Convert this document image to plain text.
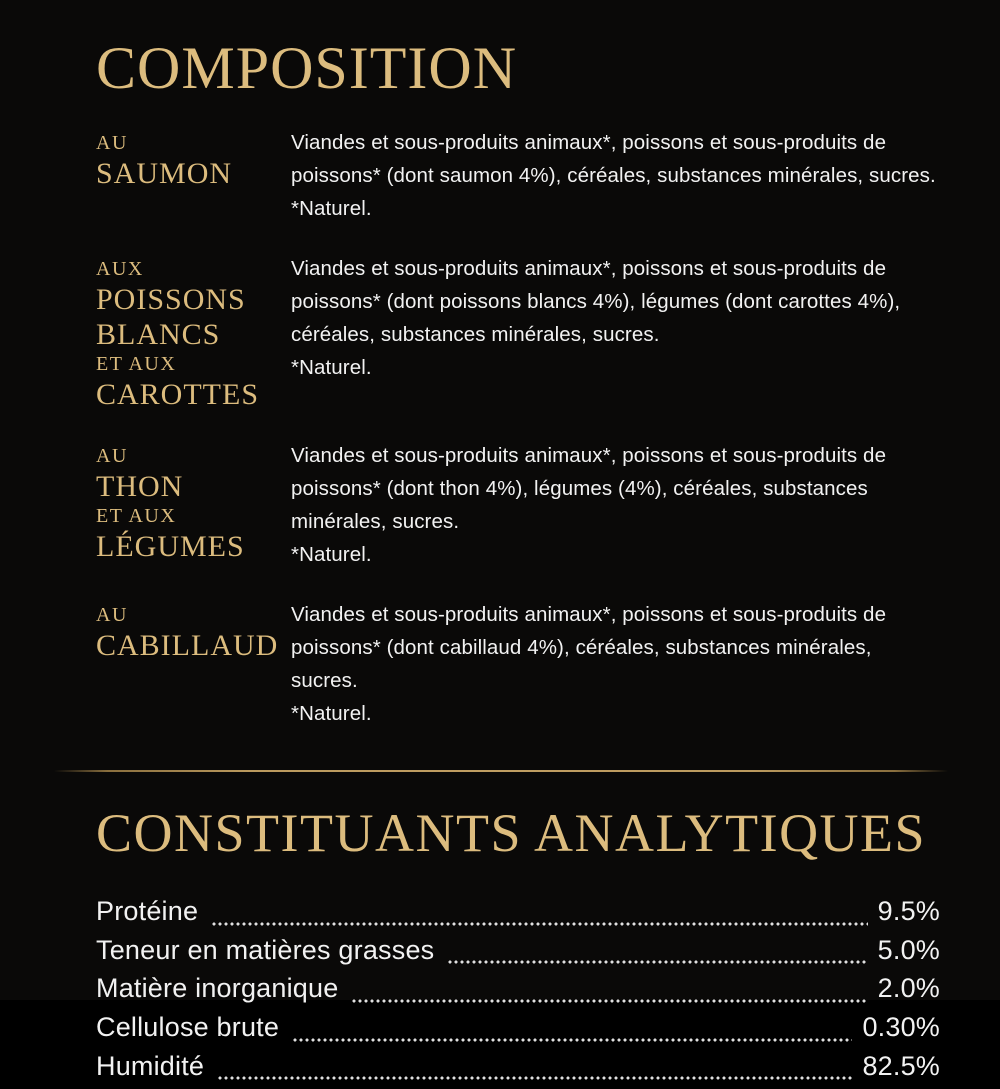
COMPOSITION
AU
SAUMON

Viandes et sous-produits animaux*, poissons et sous-produits de poissons* (dont saumon 4%), céréales, substances minérales, sucres.

*Naturel.

AUX
POISSONS
BLANCS
ET AUX
CAROTTES

Viandes et sous-produits animaux*, poissons et sous-produits de poissons* (dont poissons blancs 4%), légumes (dont carottes 4%), céréales, substances minérales, sucres.

*Naturel.

AU
THON
ET AUX
LÉGUMES

Viandes et sous-produits animaux*, poissons et sous-produits de poissons* (dont thon 4%), légumes (4%), céréales, substances minérales, sucres.

*Naturel.

AU
CABILLAUD

Viandes et sous-produits animaux*, poissons et sous-produits de poissons* (dont cabillaud 4%), céréales, substances minérales, sucres.

*Naturel.

CONSTITUANTS ANALYTIQUES
Protéine	9.5%
Teneur en matières grasses	5.0%
Matière inorganique	2.0%
Cellulose brute	0.30%
Humidité	82.5%
